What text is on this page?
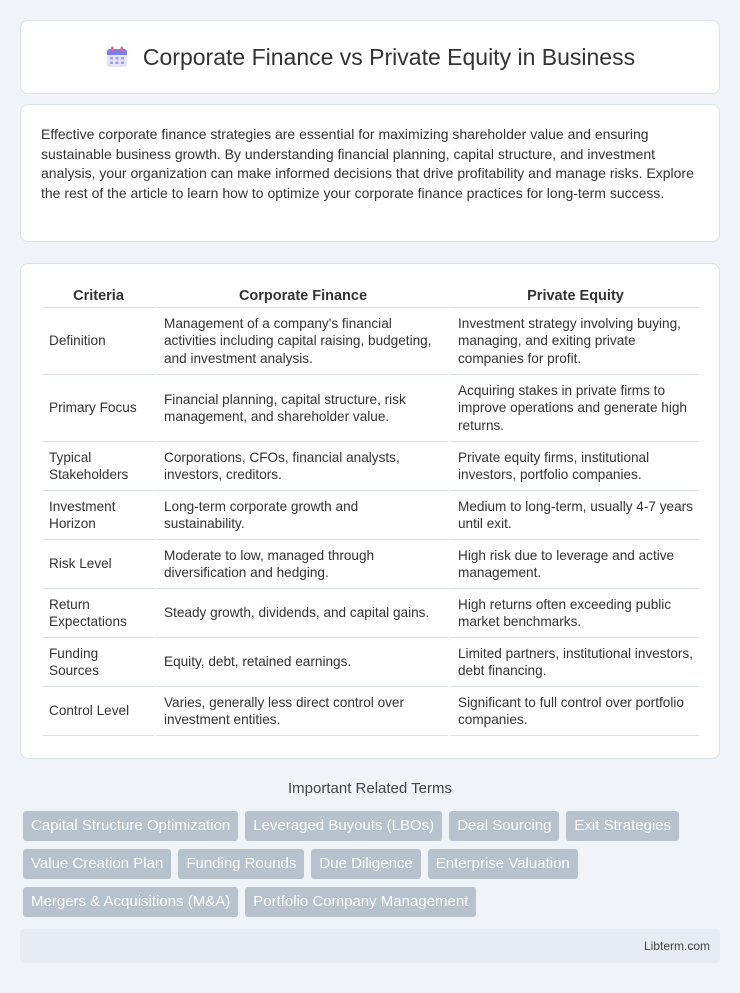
Corporate Finance vs Private Equity in Business

Effective corporate finance strategies are essential for maximizing shareholder value and ensuring sustainable business growth. By understanding financial planning, capital structure, and investment analysis, your organization can make informed decisions that drive profitability and manage risks. Explore the rest of the article to learn how to optimize your corporate finance practices for long-term success.

Criteria	Corporate Finance	Private Equity
Definition	Management of a company's financial activities including capital raising, budgeting, and investment analysis.	Investment strategy involving buying, managing, and exiting private companies for profit.
Primary Focus	Financial planning, capital structure, risk management, and shareholder value.	Acquiring stakes in private firms to improve operations and generate high returns.
Typical Stakeholders	Corporations, CFOs, financial analysts, investors, creditors.	Private equity firms, institutional investors, portfolio companies.
Investment Horizon	Long-term corporate growth and sustainability.	Medium to long-term, usually 4-7 years until exit.
Risk Level	Moderate to low, managed through diversification and hedging.	High risk due to leverage and active management.
Return Expectations	Steady growth, dividends, and capital gains.	High returns often exceeding public market benchmarks.
Funding Sources	Equity, debt, retained earnings.	Limited partners, institutional investors, debt financing.
Control Level	Varies, generally less direct control over investment entities.	Significant to full control over portfolio companies.
Important Related Terms
Capital Structure Optimization	Leveraged Buyouts (LBOs)	Deal Sourcing	Exit Strategies
Value Creation Plan	Funding Rounds	Due Diligence	Enterprise Valuation
Mergers & Acquisitions (M&A)	Portfolio Company Management
Libterm.com
